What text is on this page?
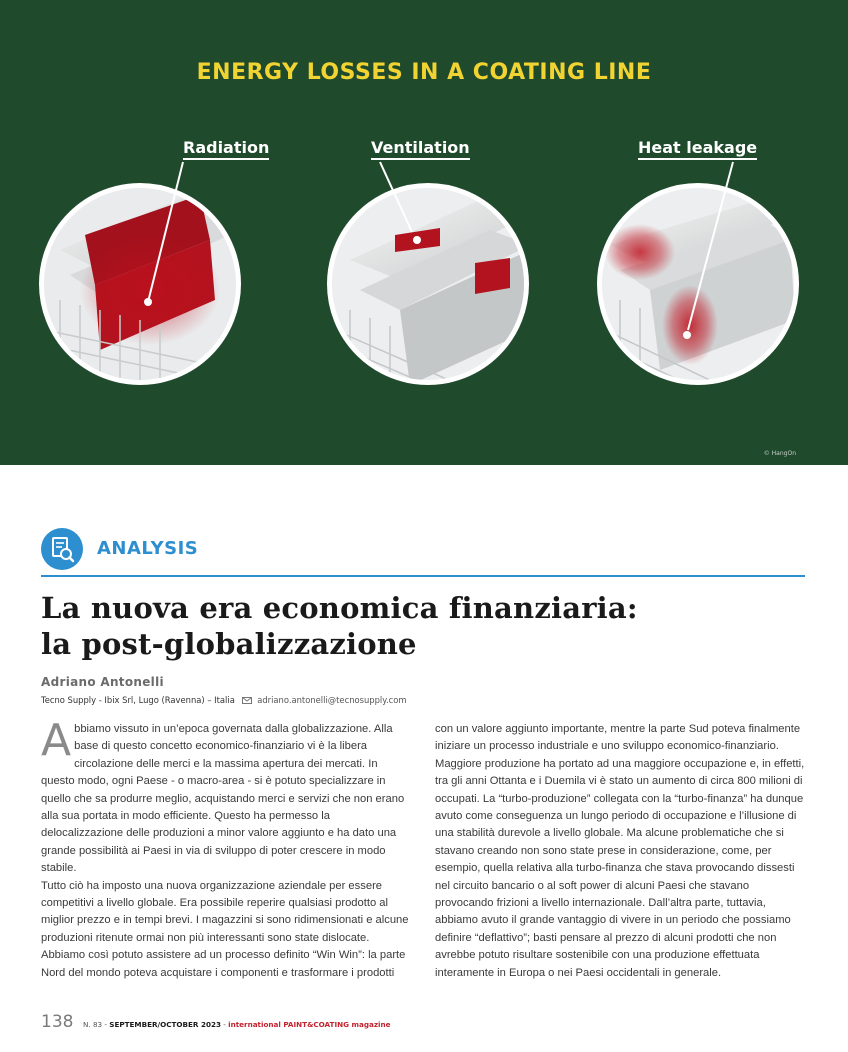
ENERGY LOSSES IN A COATING LINE
Radiation	Ventilation	Heat leakage
© HangOn
ANALYSIS
La nuova era economica finanziaria:
la post-globalizzazione
Adriano Antonelli
Tecno Supply - Ibix Srl, Lugo (Ravenna) – Italia	adriano.antonelli@tecnosupply.com

Abbiamo vissuto in un’epoca governata dalla globalizzazione. Alla base di questo concetto economico-finanziario vi è la libera circolazione delle merci e la massima apertura dei mercati. In questo modo, ogni Paese - o macro-area - si è potuto specializzare in quello che sa produrre meglio, acquistando merci e servizi che non erano alla sua portata in modo efficiente. Questo ha permesso la delocalizzazione delle produzioni a minor valore aggiunto e ha dato una grande possibilità ai Paesi in via di sviluppo di poter crescere in modo stabile.

Tutto ciò ha imposto una nuova organizzazione aziendale per essere competitivi a livello globale. Era possibile reperire qualsiasi prodotto al miglior prezzo e in tempi brevi. I magazzini si sono ridimensionati e alcune produzioni ritenute ormai non più interessanti sono state dislocate. Abbiamo così potuto assistere ad un processo definito “Win Win”: la parte Nord del mondo poteva acquistare i componenti e trasformare i prodotti

con un valore aggiunto importante, mentre la parte Sud poteva finalmente iniziare un processo industriale e uno sviluppo economico-finanziario. Maggiore produzione ha portato ad una maggiore occupazione e, in effetti, tra gli anni Ottanta e i Duemila vi è stato un aumento di circa 800 milioni di occupati. La “turbo-produzione” collegata con la “turbo-finanza” ha dunque avuto come conseguenza un lungo periodo di occupazione e l’illusione di una stabilità durevole a livello globale. Ma alcune problematiche che si stavano creando non sono state prese in considerazione, come, per esempio, quella relativa alla turbo-finanza che stava provocando dissesti nel circuito bancario o al soft power di alcuni Paesi che stavano provocando frizioni a livello internazionale. Dall’altra parte, tuttavia, abbiamo avuto il grande vantaggio di vivere in un periodo che possiamo definire “deflattivo”; basti pensare al prezzo di alcuni prodotti che non avrebbe potuto risultare sostenibile con una produzione effettuata interamente in Europa o nei Paesi occidentali in generale.

138 N. 83 - SEPTEMBER/OCTOBER 2023 - international PAINT&COATING magazine
